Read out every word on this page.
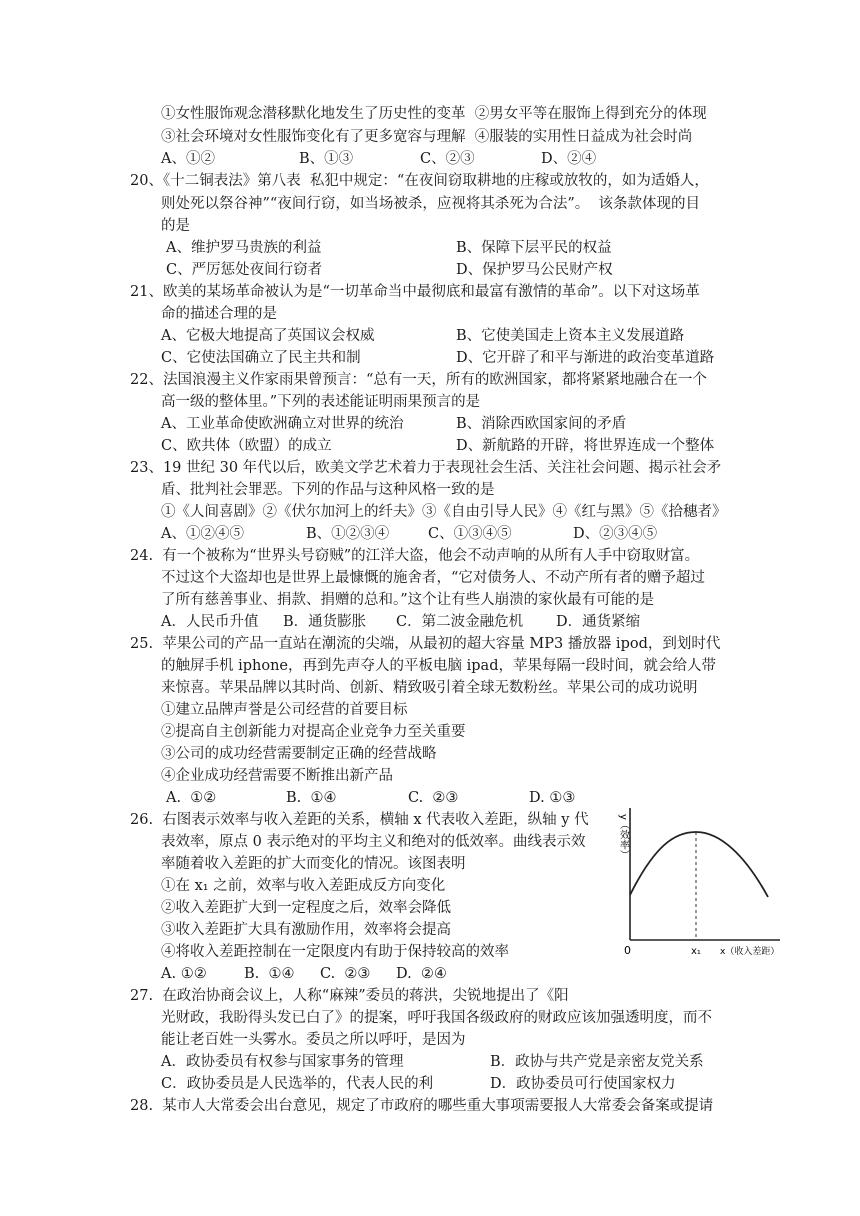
①女性服饰观念潜移默化地发生了历史性的变革  ②男女平等在服饰上得到充分的体现
③社会环境对女性服饰变化有了更多宽容与理解  ④服装的实用性日益成为社会时尚
A、①②	B、①③	C、②③	D、②④
20、《十二铜表法》第八表  私犯中规定：“在夜间窃取耕地的庄稼或放牧的，如为适婚人，
则处死以祭谷神”“夜间行窃，如当场被杀，应视将其杀死为合法”。  该条款体现的目
的是
A、维护罗马贵族的利益	B、保障下层平民的权益
C、严厉惩处夜间行窃者	D、保护罗马公民财产权
21、欧美的某场革命被认为是“一切革命当中最彻底和最富有激情的革命”。以下对这场革
命的描述合理的是
A、它极大地提高了英国议会权威	B、它使美国走上资本主义发展道路
C、它使法国确立了民主共和制	D、它开辟了和平与渐进的政治变革道路
22、法国浪漫主义作家雨果曾预言：“总有一天，所有的欧洲国家，都将紧紧地融合在一个
高一级的整体里。”下列的表述能证明雨果预言的是
A、工业革命使欧洲确立对世界的统治	B、消除西欧国家间的矛盾
C、欧共体（欧盟）的成立	D、新航路的开辟，将世界连成一个整体
23、19 世纪 30 年代以后，欧美文学艺术着力于表现社会生活、关注社会问题、揭示社会矛
盾、批判社会罪恶。下列的作品与这种风格一致的是
①《人间喜剧》②《伏尔加河上的纤夫》③《自由引导人民》④《红与黑》⑤《拾穗者》
A、①②④⑤	B、①②③④	C、①③④⑤	D、②③④⑤
24.  有一个被称为“世界头号窃贼”的江洋大盗，他会不动声响的从所有人手中窃取财富。
不过这个大盗却也是世界上最慷慨的施舍者，“它对债务人、不动产所有者的赠予超过
了所有慈善事业、捐款、捐赠的总和。”这个让有些人崩溃的家伙最有可能的是
A．人民币升值 B．通货膨胀 C．第二波金融危机 D．通货紧缩
25.  苹果公司的产品一直站在潮流的尖端，从最初的超大容量 MP3 播放器 ipod，到划时代
的触屏手机 iphone，再到先声夺人的平板电脑 ipad，苹果每隔一段时间，就会给人带
来惊喜。苹果品牌以其时尚、创新、精致吸引着全球无数粉丝。苹果公司的成功说明
①建立品牌声誉是公司经营的首要目标
②提高自主创新能力对提高企业竞争力至关重要
③公司的成功经营需要制定正确的经营战略
④企业成功经营需要不断推出新产品
A.  ①②	B.  ①④	C.  ②③	D. ①③
26.  右图表示效率与收入差距的关系，横轴 x 代表收入差距，纵轴 y 代
表效率，原点 0 表示绝对的平均主义和绝对的低效率。曲线表示效
率随着收入差距的扩大而变化的情况。该图表明
①在 x₁ 之前，效率与收入差距成反方向变化
②收入差距扩大到一定程度之后，效率会降低
③收入差距扩大具有激励作用，效率将会提高
④将收入差距控制在一定限度内有助于保持较高的效率
A. ①②	B.  ①④ C.  ②③ D.  ②④
y（效率）
0	x₁ x（收入差距）
27.  在政治协商会议上，人称“麻辣”委员的蒋洪，尖锐地提出了《阳
光财政，我盼得头发已白了》的提案，呼吁我国各级政府的财政应该加强透明度，而不
能让老百姓一头雾水。委员之所以呼吁，是因为
A．政协委员有权参与国家事务的管理	B．政协与共产党是亲密友党关系
C．政协委员是人民选举的，代表人民的利	D．政协委员可行使国家权力
28.  某市人大常委会出台意见，规定了市政府的哪些重大事项需要报人大常委会备案或提请
